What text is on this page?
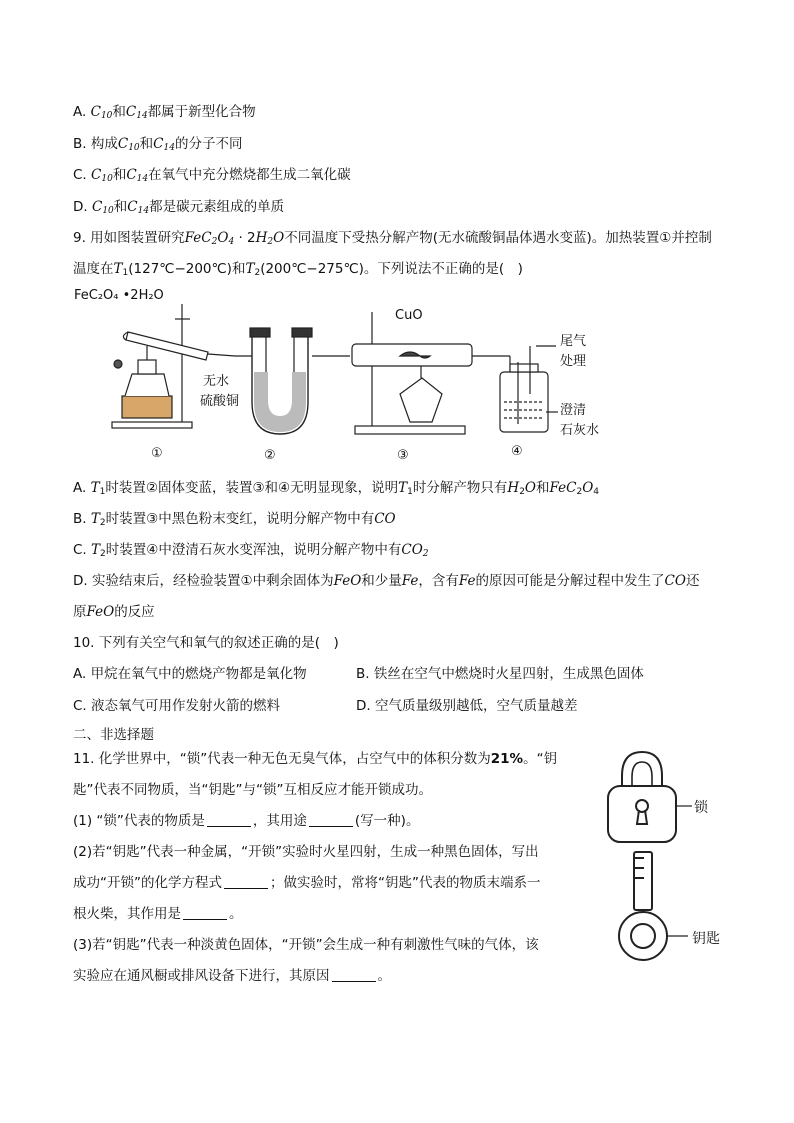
A. $C_{10}$和$C_{14}$都属于新型化合物
B. 构成$C_{10}$和$C_{14}$的分子不同
C. $C_{10}$和$C_{14}$在氧气中充分燃烧都生成二氧化碳
D. $C_{10}$和$C_{14}$都是碳元素组成的单质
9. 用如图装置研究$FeC_2O_4 \cdot 2H_2O$不同温度下受热分解产物(无水硫酸铜晶体遇水变蓝)。加热装置①并控制
温度在$T_1(127℃-200℃)$和$T_2(200℃-275℃)$。下列说法不正确的是(　)
FeC₂O₄ •2H₂O
CuO
尾气
处理
无水
硫酸铜
澄清
石灰水
①	②	③	④
A. $T_1$时装置②固体变蓝，装置③和④无明显现象，说明$T_1$时分解产物只有$H_2O$和$FeC_2O_4$
B. $T_2$时装置③中黑色粉末变红，说明分解产物中有CO
C. $T_2$时装置④中澄清石灰水变浑浊，说明分解产物中有$CO_2$
D. 实验结束后，经检验装置①中剩余固体为FeO和少量Fe，含有Fe的原因可能是分解过程中发生了CO还
原FeO的反应
10. 下列有关空气和氧气的叙述正确的是(　)
A. 甲烷在氧气中的燃烧产物都是氧化物	B. 铁丝在空气中燃烧时火星四射，生成黑色固体
C. 液态氧气可用作发射火箭的燃料	D. 空气质量级别越低，空气质量越差
二、非选择题
11. 化学世界中，“锁”代表一种无色无臭气体，占空气中的体积分数为21%。“钥
匙”代表不同物质，当“钥匙”与“锁”互相反应才能开锁成功。
(1) “锁”代表的物质是	，其用途	(写一种)。
(2)若“钥匙”代表一种金属，“开锁”实验时火星四射，生成一种黑色固体，写出
成功“开锁”的化学方程式	；做实验时，常将“钥匙”代表的物质末端系一
根火柴，其作用是	。
(3)若“钥匙”代表一种淡黄色固体，“开锁”会生成一种有刺激性气味的气体，该
实验应在通风橱或排风设备下进行，其原因	。
锁
钥匙
